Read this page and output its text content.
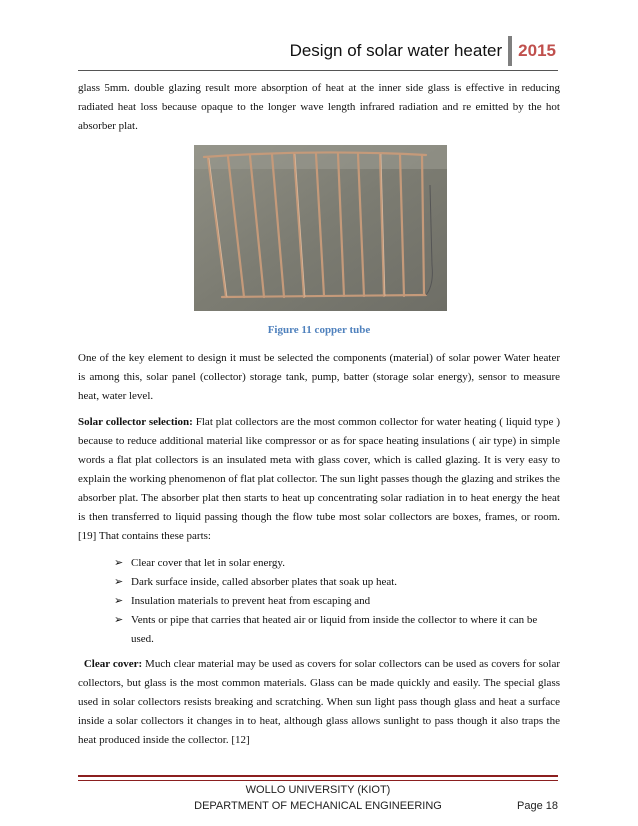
Design of solar water heater 2015

glass 5mm. double glazing result more absorption of heat at the inner side glass is effective in reducing radiated heat loss because opaque to the longer wave length infrared radiation and re emitted by the hot absorber plat.

Figure 11 copper tube

One of the key element to design it must be selected the components (material) of solar power Water heater is among this, solar panel (collector) storage tank, pump, batter (storage solar energy), sensor to measure heat, water level.

Solar collector selection: Flat plat collectors are the most common collector for water heating ( liquid type ) because to reduce additional material like compressor or as for space heating insulations ( air type) in simple words a flat plat collectors is an insulated meta with glass cover, which is called glazing. It is very easy to explain the working phenomenon of flat plat collector. The sun light passes though the glazing and strikes the absorber plat. The absorber plat then starts to heat up concentrating solar radiation in to heat energy the heat is then transferred to liquid passing though the flow tube most solar collectors are boxes, frames, or room. [19] That contains these parts:

➢ Clear cover that let in solar energy.
➢ Dark surface inside, called absorber plates that soak up heat.
➢ Insulation materials to prevent heat from escaping and
➢ Vents or pipe that carries that heated air or liquid from inside the collector to where it can be used.

Clear cover: Much clear material may be used as covers for solar collectors can be used as covers for solar collectors, but glass is the most common materials. Glass can be made quickly and easily. The special glass used in solar collectors resists breaking and scratching. When sun light pass though glass and heat a surface inside a solar collectors it changes in to heat, although glass allows sunlight to pass though it also traps the heat produced inside the collector. [12]

WOLLO UNIVERSITY (KIOT)
DEPARTMENT OF MECHANICAL ENGINEERING	Page 18
